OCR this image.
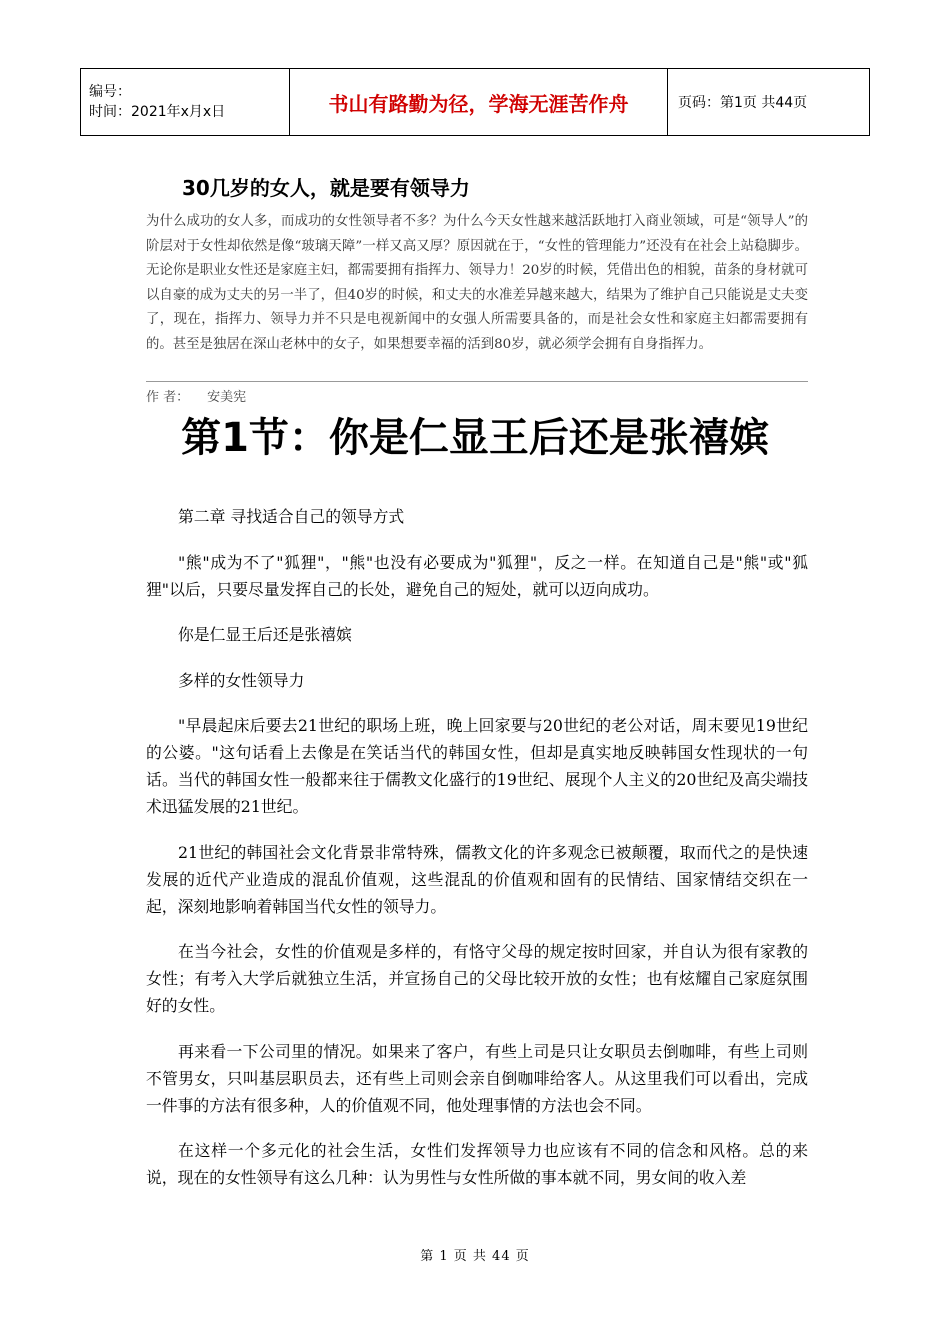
编号：
时间：2021年x月x日	书山有路勤为径，学海无涯苦作舟	页码：第1页 共44页
30几岁的女人，就是要有领导力

为什么成功的女人多，而成功的女性领导者不多？为什么今天女性越来越活跃地打入商业领域，可是“领导人”的阶层对于女性却依然是像“玻璃天障”一样又高又厚？原因就在于，“女性的管理能力”还没有在社会上站稳脚步。无论你是职业女性还是家庭主妇，都需要拥有指挥力、领导力！20岁的时候，凭借出色的相貌，苗条的身材就可以自豪的成为丈夫的另一半了，但40岁的时候，和丈夫的水准差异越来越大，结果为了维护自己只能说是丈夫变了，现在，指挥力、领导力并不只是电视新闻中的女强人所需要具备的，而是社会女性和家庭主妇都需要拥有的。甚至是独居在深山老林中的女子，如果想要幸福的活到80岁，就必须学会拥有自身指挥力。

作 者： 安美宪
第1节：你是仁显王后还是张禧嫔

第二章 寻找适合自己的领导方式

"熊"成为不了"狐狸"，"熊"也没有必要成为"狐狸"，反之一样。在知道自己是"熊"或"狐狸"以后，只要尽量发挥自己的长处，避免自己的短处，就可以迈向成功。

你是仁显王后还是张禧嫔

多样的女性领导力

"早晨起床后要去21世纪的职场上班，晚上回家要与20世纪的老公对话，周末要见19世纪的公婆。"这句话看上去像是在笑话当代的韩国女性，但却是真实地反映韩国女性现状的一句话。当代的韩国女性一般都来往于儒教文化盛行的19世纪、展现个人主义的20世纪及高尖端技术迅猛发展的21世纪。

21世纪的韩国社会文化背景非常特殊，儒教文化的许多观念已被颠覆，取而代之的是快速发展的近代产业造成的混乱价值观，这些混乱的价值观和固有的民情结、国家情结交织在一起，深刻地影响着韩国当代女性的领导力。

在当今社会，女性的价值观是多样的，有恪守父母的规定按时回家，并自认为很有家教的女性；有考入大学后就独立生活，并宣扬自己的父母比较开放的女性；也有炫耀自己家庭氛围好的女性。

再来看一下公司里的情况。如果来了客户，有些上司是只让女职员去倒咖啡，有些上司则不管男女，只叫基层职员去，还有些上司则会亲自倒咖啡给客人。从这里我们可以看出，完成一件事的方法有很多种，人的价值观不同，他处理事情的方法也会不同。

在这样一个多元化的社会生活，女性们发挥领导力也应该有不同的信念和风格。总的来说，现在的女性领导有这么几种：认为男性与女性所做的事本就不同，男女间的收入差

第 1 页 共 44 页
